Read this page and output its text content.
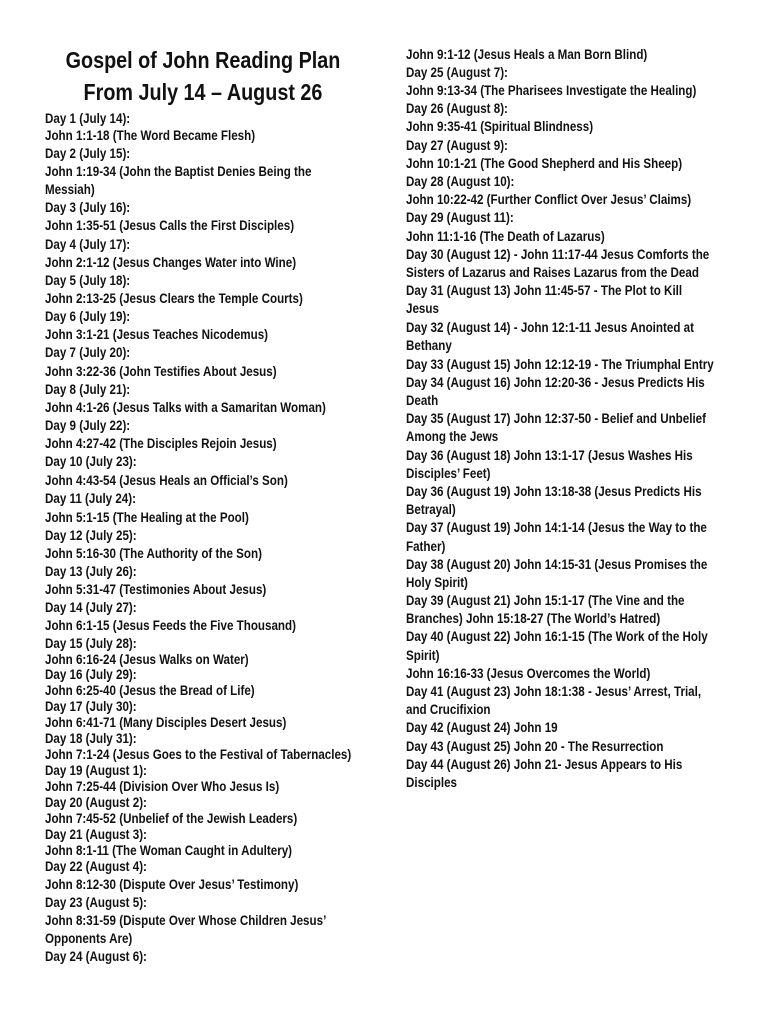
Gospel of John Reading Plan
From July 14 – August 26
Day 1 (July 14):
John 1:1-18 (The Word Became Flesh)
Day 2 (July 15):
John 1:19-34 (John the Baptist Denies Being the
Messiah)
Day 3 (July 16):
John 1:35-51 (Jesus Calls the First Disciples)
Day 4 (July 17):
John 2:1-12 (Jesus Changes Water into Wine)
Day 5 (July 18):
John 2:13-25 (Jesus Clears the Temple Courts)
Day 6 (July 19):
John 3:1-21 (Jesus Teaches Nicodemus)
Day 7 (July 20):
John 3:22-36 (John Testifies About Jesus)
Day 8 (July 21):
John 4:1-26 (Jesus Talks with a Samaritan Woman)
Day 9 (July 22):
John 4:27-42 (The Disciples Rejoin Jesus)
Day 10 (July 23):
John 4:43-54 (Jesus Heals an Official’s Son)
Day 11 (July 24):
John 5:1-15 (The Healing at the Pool)
Day 12 (July 25):
John 5:16-30 (The Authority of the Son)
Day 13 (July 26):
John 5:31-47 (Testimonies About Jesus)
Day 14 (July 27):
John 6:1-15 (Jesus Feeds the Five Thousand)
Day 15 (July 28):
John 6:16-24 (Jesus Walks on Water)
Day 16 (July 29):
John 6:25-40 (Jesus the Bread of Life)
Day 17 (July 30):
John 6:41-71 (Many Disciples Desert Jesus)
Day 18 (July 31):
John 7:1-24 (Jesus Goes to the Festival of Tabernacles)
Day 19 (August 1):
John 7:25-44 (Division Over Who Jesus Is)
Day 20 (August 2):
John 7:45-52 (Unbelief of the Jewish Leaders)
Day 21 (August 3):
John 8:1-11 (The Woman Caught in Adultery)
Day 22 (August 4):
John 8:12-30 (Dispute Over Jesus’ Testimony)
Day 23 (August 5):
John 8:31-59 (Dispute Over Whose Children Jesus’
Opponents Are)
Day 24 (August 6):
John 9:1-12 (Jesus Heals a Man Born Blind)
Day 25 (August 7):
John 9:13-34 (The Pharisees Investigate the Healing)
Day 26 (August 8):
John 9:35-41 (Spiritual Blindness)
Day 27 (August 9):
John 10:1-21 (The Good Shepherd and His Sheep)
Day 28 (August 10):
John 10:22-42 (Further Conflict Over Jesus’ Claims)
Day 29 (August 11):
John 11:1-16 (The Death of Lazarus)
Day 30 (August 12) - John 11:17-44 Jesus Comforts the
Sisters of Lazarus and Raises Lazarus from the Dead
Day 31 (August 13) John 11:45-57 - The Plot to Kill
Jesus
Day 32 (August 14) - John 12:1-11 Jesus Anointed at
Bethany
Day 33 (August 15) John 12:12-19 - The Triumphal Entry
Day 34 (August 16) John 12:20-36 - Jesus Predicts His
Death
Day 35 (August 17) John 12:37-50 - Belief and Unbelief
Among the Jews
Day 36 (August 18) John 13:1-17 (Jesus Washes His
Disciples’ Feet)
Day 36 (August 19) John 13:18-38 (Jesus Predicts His
Betrayal)
Day 37 (August 19) John 14:1-14 (Jesus the Way to the
Father)
Day 38 (August 20) John 14:15-31 (Jesus Promises the
Holy Spirit)
Day 39 (August 21) John 15:1-17 (The Vine and the
Branches) John 15:18-27 (The World’s Hatred)
Day 40 (August 22) John 16:1-15 (The Work of the Holy
Spirit)
John 16:16-33 (Jesus Overcomes the World)
Day 41 (August 23) John 18:1:38 - Jesus’ Arrest, Trial,
and Crucifixion
Day 42 (August 24) John 19
Day 43 (August 25) John 20 - The Resurrection
Day 44 (August 26) John 21- Jesus Appears to His
Disciples
